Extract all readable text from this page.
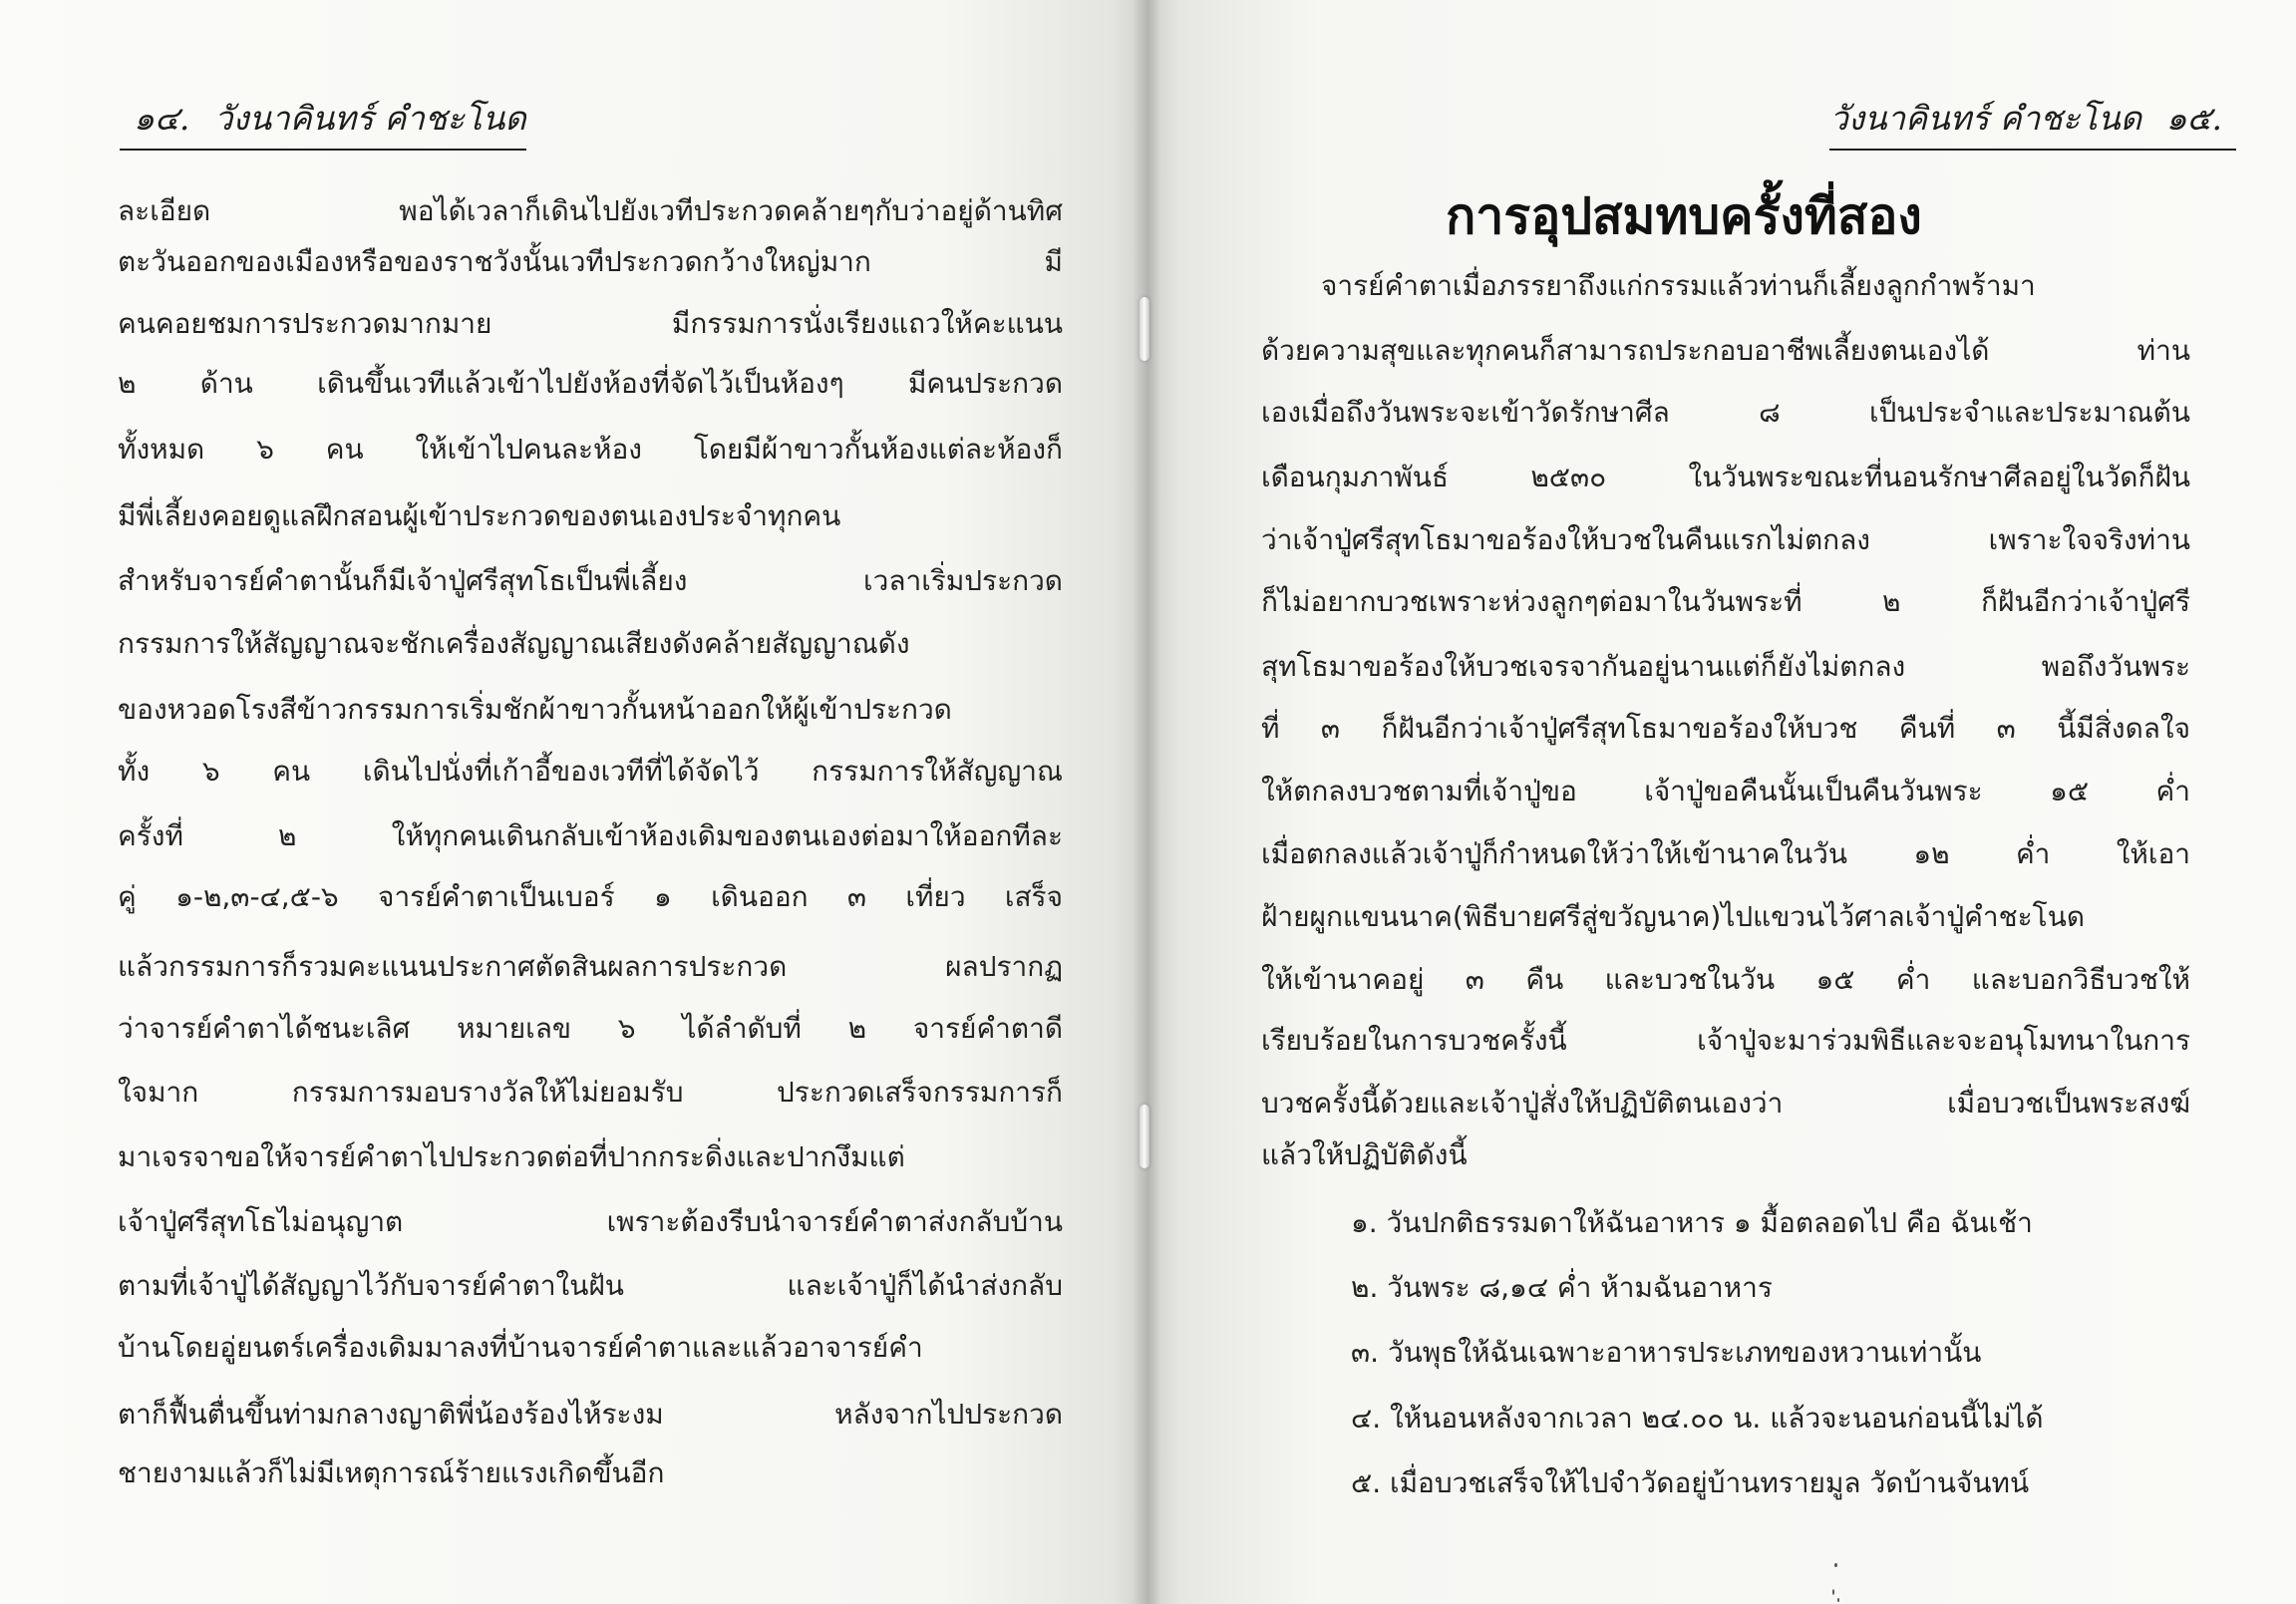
๑๔. วังนาคินทร์ คำชะโนด

ละเอียด พอได้เวลาก็เดินไปยังเวทีประกวดคล้ายๆกับว่าอยู่ด้านทิศ

ตะวันออกของเมืองหรือของราชวังนั้นเวทีประกวดกว้างใหญ่มาก มี

คนคอยชมการประกวดมากมาย มีกรรมการนั่งเรียงแถวให้คะแนน

๒ ด้าน เดินขึ้นเวทีแล้วเข้าไปยังห้องที่จัดไว้เป็นห้องๆ มีคนประกวด

ทั้งหมด ๖ คน ให้เข้าไปคนละห้อง โดยมีผ้าขาวกั้นห้องแต่ละห้องก็

มีพี่เลี้ยงคอยดูแลฝึกสอนผู้เข้าประกวดของตนเองประจำทุกคน

สำหรับจารย์คำตานั้นก็มีเจ้าปู่ศรีสุทโธเป็นพี่เลี้ยง เวลาเริ่มประกวด

กรรมการให้สัญญาณจะชักเครื่องสัญญาณเสียงดังคล้ายสัญญาณดัง

ของหวอดโรงสีข้าวกรรมการเริ่มชักผ้าขาวกั้นหน้าออกให้ผู้เข้าประกวด

ทั้ง ๖ คน เดินไปนั่งที่เก้าอี้ของเวทีที่ได้จัดไว้ กรรมการให้สัญญาณ

ครั้งที่ ๒ ให้ทุกคนเดินกลับเข้าห้องเดิมของตนเองต่อมาให้ออกทีละ

คู่ ๑-๒,๓-๔,๕-๖ จารย์คำตาเป็นเบอร์ ๑ เดินออก ๓ เที่ยว เสร็จ

แล้วกรรมการก็รวมคะแนนประกาศตัดสินผลการประกวด ผลปรากฏ

ว่าจารย์คำตาได้ชนะเลิศ หมายเลข ๖ ได้ลำดับที่ ๒ จารย์คำตาดี

ใจมาก กรรมการมอบรางวัลให้ไม่ยอมรับ ประกวดเสร็จกรรมการก็

มาเจรจาขอให้จารย์คำตาไปประกวดต่อที่ปากกระดิ่งและปากงึมแต่

เจ้าปู่ศรีสุทโธไม่อนุญาต เพราะต้องรีบนำจารย์คำตาส่งกลับบ้าน

ตามที่เจ้าปู่ได้สัญญาไว้กับจารย์คำตาในฝัน และเจ้าปู่ก็ได้นำส่งกลับ

บ้านโดยอู่ยนตร์เครื่องเดิมมาลงที่บ้านจารย์คำตาและแล้วอาจารย์คำ

ตาก็ฟื้นตื่นขึ้นท่ามกลางญาติพี่น้องร้องไห้ระงม หลังจากไปประกวด

ชายงามแล้วก็ไม่มีเหตุการณ์ร้ายแรงเกิดขึ้นอีก

วังนาคินทร์ คำชะโนด ๑๕.
การอุปสมทบครั้งที่สอง

จารย์คำตาเมื่อภรรยาถึงแก่กรรมแล้วท่านก็เลี้ยงลูกกำพร้ามา

ด้วยความสุขและทุกคนก็สามารถประกอบอาชีพเลี้ยงตนเองได้ ท่าน

เองเมื่อถึงวันพระจะเข้าวัดรักษาศีล ๘ เป็นประจำและประมาณต้น

เดือนกุมภาพันธ์ ๒๕๓๐ ในวันพระขณะที่นอนรักษาศีลอยู่ในวัดก็ฝัน

ว่าเจ้าปู่ศรีสุทโธมาขอร้องให้บวชในคืนแรกไม่ตกลง เพราะใจจริงท่าน

ก็ไม่อยากบวชเพราะห่วงลูกๆต่อมาในวันพระที่ ๒ ก็ฝันอีกว่าเจ้าปู่ศรี

สุทโธมาขอร้องให้บวชเจรจากันอยู่นานแต่ก็ยังไม่ตกลง พอถึงวันพระ

ที่ ๓ ก็ฝันอีกว่าเจ้าปู่ศรีสุทโธมาขอร้องให้บวช คืนที่ ๓ นี้มีสิ่งดลใจ

ให้ตกลงบวชตามที่เจ้าปู่ขอ เจ้าปู่ขอคืนนั้นเป็นคืนวันพระ ๑๕ ค่ำ

เมื่อตกลงแล้วเจ้าปู่ก็กำหนดให้ว่าให้เข้านาคในวัน ๑๒ ค่ำ ให้เอา

ฝ้ายผูกแขนนาค(พิธีบายศรีสู่ขวัญนาค)ไปแขวนไว้ศาลเจ้าปู่คำชะโนด

ให้เข้านาคอยู่ ๓ คืน และบวชในวัน ๑๕ ค่ำ และบอกวิธีบวชให้

เรียบร้อยในการบวชครั้งนี้ เจ้าปู่จะมาร่วมพิธีและจะอนุโมทนาในการ

บวชครั้งนี้ด้วยและเจ้าปู่สั่งให้ปฏิบัติตนเองว่า เมื่อบวชเป็นพระสงฆ์

แล้วให้ปฏิบัติดังนี้

๑. วันปกติธรรมดาให้ฉันอาหาร ๑ มื้อตลอดไป คือ ฉันเช้า

๒. วันพระ ๘,๑๔ ค่ำ ห้ามฉันอาหาร

๓. วันพุธให้ฉันเฉพาะอาหารประเภทของหวานเท่านั้น

๔. ให้นอนหลังจากเวลา ๒๔.๐๐ น. แล้วจะนอนก่อนนี้ไม่ได้

๕. เมื่อบวชเสร็จให้ไปจำวัดอยู่บ้านทรายมูล วัดบ้านจันทน์
